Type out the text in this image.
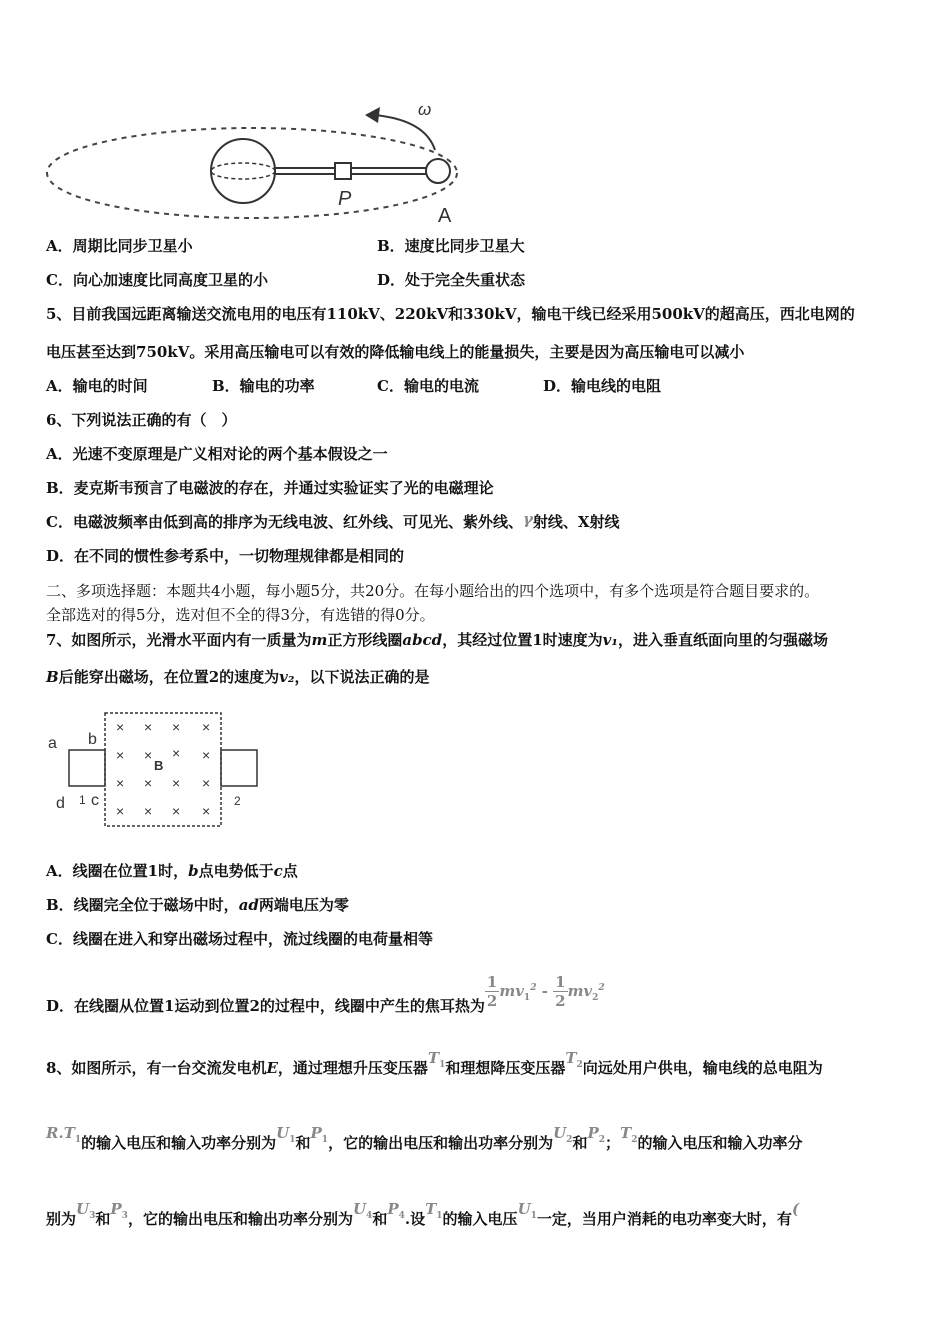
ω
P
A
A．周期比同步卫星小	B．速度比同步卫星大
C．向心加速度比同高度卫星的小	D．处于完全失重状态
5、目前我国远距离输送交流电用的电压有110kV、220kV和330kV，输电干线已经采用500kV的超高压，西北电网的
电压甚至达到750kV。采用高压输电可以有效的降低输电线上的能量损失，主要是因为高压输电可以减小
A．输电的时间	B．输电的功率	C．输电的电流	D．输电线的电阻
6、下列说法正确的有（　）
A．光速不变原理是广义相对论的两个基本假设之一
B．麦克斯韦预言了电磁波的存在，并通过实验证实了光的电磁理论
C．电磁波频率由低到高的排序为无线电波、红外线、可见光、紫外线、γ射线、X射线
D．在不同的惯性参考系中，一切物理规律都是相同的
二、多项选择题：本题共4小题，每小题5分，共20分。在每小题给出的四个选项中，有多个选项是符合题目要求的。
全部选对的得5分，选对但不全的得3分，有选错的得0分。
7、如图所示，光滑水平面内有一质量为m正方形线圈abcd，其经过位置1时速度为v₁，进入垂直纸面向里的匀强磁场
B后能穿出磁场，在位置2的速度为v₂，以下说法正确的是
× × × ×
× ×	×
× × × ×
× × × ×
×
B
a b
d 1 c	2
A．线圈在位置1时，b点电势低于c点
B．线圈完全位于磁场中时，ad两端电压为零
C．线圈在进入和穿出磁场过程中，流过线圈的电荷量相等
D．在线圈从位置1运动到位置2的过程中，线圈中产生的焦耳热为 $\frac{1}{2} mv_1^2 - \frac{1}{2} mv_2^2$
8、如图所示，有一台交流发电机E，通过理想升压变压器$T_1$和理想降压变压器$T_2$向远处用户供电，输电线的总电阻为
$R.T_1$的输入电压和输入功率分别为$U_1$和$P_1$，它的输出电压和输出功率分别为$U_2$和$P_2$；$T_2$的输入电压和输入功率分
别为$U_3$和$P_3$，它的输出电压和输出功率分别为$U_4$和$P_4$.设$T_1$的输入电压$U_1$一定，当用户消耗的电功率变大时，有(
